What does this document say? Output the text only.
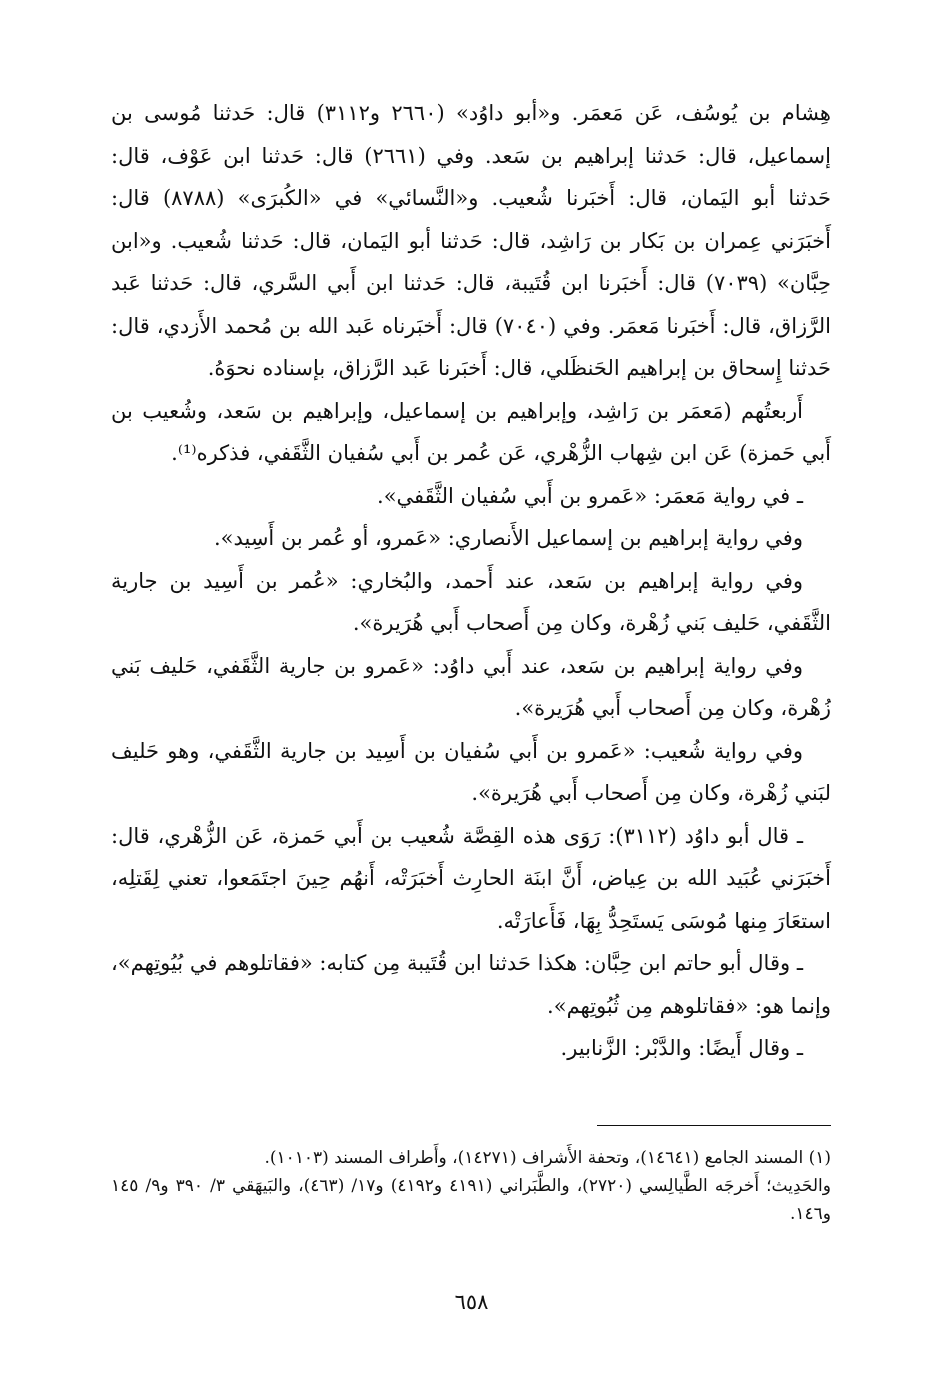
هِشام بن يُوسُف، عَن مَعمَر. و«أبو داوُد» (٢٦٦٠ و٣١١٢) قال: حَدثنا مُوسى بن إسماعيل، قال: حَدثنا إبراهيم بن سَعد. وفي (٢٦٦١) قال: حَدثنا ابن عَوْف، قال: حَدثنا أبو اليَمان، قال: أَخبَرنا شُعيب. و«النَّسائي» في «الكُبرَى» (٨٧٨٨) قال: أَخبَرَني عِمران بن بَكار بن رَاشِد، قال: حَدثنا أبو اليَمان، قال: حَدثنا شُعيب. و«ابن حِبَّان» (٧٠٣٩) قال: أَخبَرنا ابن قُتَيبة، قال: حَدثنا ابن أَبي السَّري، قال: حَدثنا عَبد الرَّزاق، قال: أَخبَرنا مَعمَر. وفي (٧٠٤٠) قال: أَخبَرناه عَبد الله بن مُحمد الأَزدي، قال: حَدثنا إِسحاق بن إبراهيم الحَنظَلي، قال: أَخبَرنا عَبد الرَّزاق، بإسناده نحوَهُ.

أَربعتُهم (مَعمَر بن رَاشِد، وإبراهيم بن إسماعيل، وإبراهيم بن سَعد، وشُعيب بن أَبي حَمزة) عَن ابن شِهاب الزُّهْري، عَن عُمر بن أَبي سُفيان الثَّقَفي، فذكره⁽¹⁾.

ـ في رواية مَعمَر: «عَمرو بن أَبي سُفيان الثَّقَفي».

وفي رواية إبراهيم بن إسماعيل الأَنصاري: «عَمرو، أو عُمر بن أَسِيد».

وفي رواية إبراهيم بن سَعد، عند أَحمد، والبُخاري: «عُمر بن أَسِيد بن جارية الثَّقَفي، حَليف بَني زُهْرة، وكان مِن أَصحاب أَبي هُرَيرة».

وفي رواية إبراهيم بن سَعد، عند أَبي داوُد: «عَمرو بن جارية الثَّقَفي، حَليف بَني زُهْرة، وكان مِن أَصحاب أَبي هُرَيرة».

وفي رواية شُعيب: «عَمرو بن أَبي سُفيان بن أَسِيد بن جارية الثَّقَفي، وهو حَليف لبَني زُهْرة، وكان مِن أَصحاب أَبي هُرَيرة».

ـ قال أبو داوُد (٣١١٢): رَوَى هذه القِصَّة شُعيب بن أَبي حَمزة، عَن الزُّهْري، قال: أَخبَرَني عُبَيد الله بن عِياض، أَنَّ ابنَة الحارِث أَخبَرَتْه، أَنهُم حِينَ اجتَمَعوا، تعني لِقَتلِه، استعَارَ مِنها مُوسَى يَستَحِدُّ بِهَا، فَأَعارَتْه.

ـ وقال أبو حاتم ابن حِبَّان: هكذا حَدثنا ابن قُتَيبة مِن كتابه: «فقاتلوهم في بُيُوتِهم»، وإنما هو: «فقاتلوهم مِن ثُبُوتِهم».

ـ وقال أَيضًا: والدَّبْر: الزَّنابير.

(١) المسند الجامع (١٤٦٤١)، وتحفة الأَشراف (١٤٢٧١)، وأَطراف المسند (١٠١٠٣).

والحَدِيث؛ أَخرجَه الطَّيالِسي (٢٧٢٠)، والطَّبَراني (٤١٩١ و٤١٩٢) و١٧/ (٤٦٣)، والبَيهَقي ٣/ ٣٩٠ و٩/ ١٤٥ و١٤٦.

٦٥٨
